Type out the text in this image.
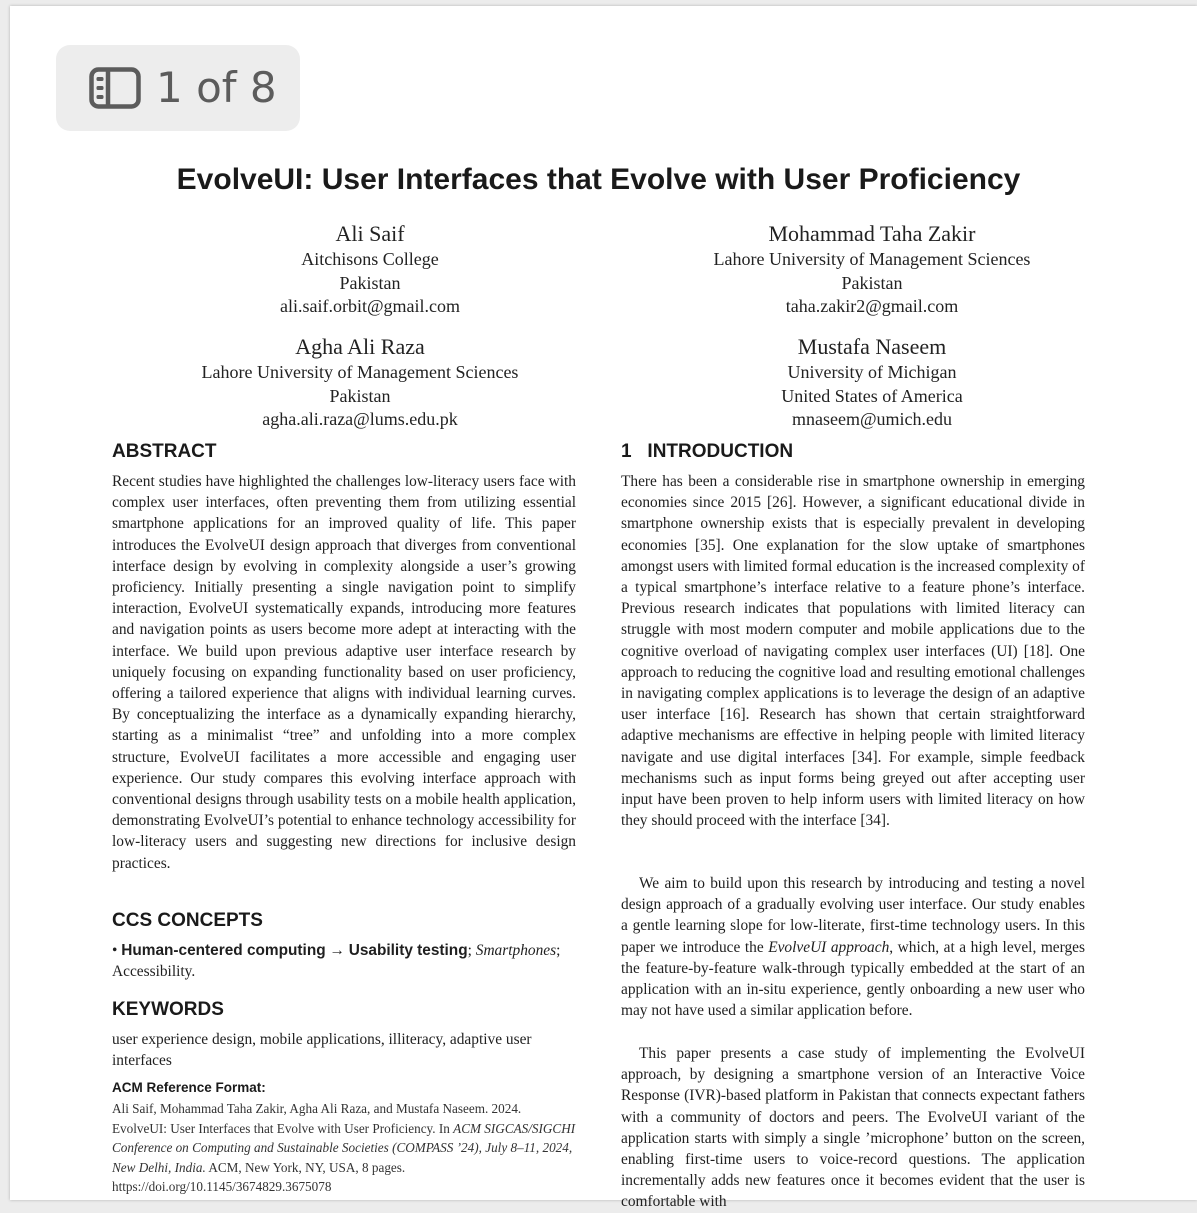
1 of 8
EvolveUI: User Interfaces that Evolve with User Proficiency
Ali Saif
Aitchisons College
Pakistan
ali.saif.orbit@gmail.com
Mohammad Taha Zakir
Lahore University of Management Sciences
Pakistan
taha.zakir2@gmail.com
Agha Ali Raza
Lahore University of Management Sciences
Pakistan
agha.ali.raza@lums.edu.pk
Mustafa Naseem
University of Michigan
United States of America
mnaseem@umich.edu
ABSTRACT

Recent studies have highlighted the challenges low-literacy users face with complex user interfaces, often preventing them from utilizing essential smartphone applications for an improved quality of life. This paper introduces the EvolveUI design approach that diverges from conventional interface design by evolving in complexity alongside a user’s growing proficiency. Initially presenting a single navigation point to simplify interaction, EvolveUI systematically expands, introducing more features and navigation points as users become more adept at interacting with the interface. We build upon previous adaptive user interface research by uniquely focusing on expanding functionality based on user proficiency, offering a tailored experience that aligns with individual learning curves. By conceptualizing the interface as a dynamically expanding hierarchy, starting as a minimalist “tree” and unfolding into a more complex structure, EvolveUI facilitates a more accessible and engaging user experience. Our study compares this evolving interface approach with conventional designs through usability tests on a mobile health application, demonstrating EvolveUI’s potential to enhance technology accessibility for low-literacy users and suggesting new directions for inclusive design practices.

CCS CONCEPTS

• Human-centered computing → Usability testing; Smartphones; Accessibility.

KEYWORDS

user experience design, mobile applications, illiteracy, adaptive user interfaces

ACM Reference Format:

Ali Saif, Mohammad Taha Zakir, Agha Ali Raza, and Mustafa Naseem. 2024. EvolveUI: User Interfaces that Evolve with User Proficiency. In ACM SIGCAS/SIGCHI Conference on Computing and Sustainable Societies (COMPASS ’24), July 8–11, 2024, New Delhi, India. ACM, New York, NY, USA, 8 pages. https://doi.org/10.1145/3674829.3675078

1 INTRODUCTION

There has been a considerable rise in smartphone ownership in emerging economies since 2015 [26]. However, a significant educational divide in smartphone ownership exists that is especially prevalent in developing economies [35]. One explanation for the slow uptake of smartphones amongst users with limited formal education is the increased complexity of a typical smartphone’s interface relative to a feature phone’s interface. Previous research indicates that populations with limited literacy can struggle with most modern computer and mobile applications due to the cognitive overload of navigating complex user interfaces (UI) [18]. One approach to reducing the cognitive load and resulting emotional challenges in navigating complex applications is to leverage the design of an adaptive user interface [16]. Research has shown that certain straightforward adaptive mechanisms are effective in helping people with limited literacy navigate and use digital interfaces [34]. For example, simple feedback mechanisms such as input forms being greyed out after accepting user input have been proven to help inform users with limited literacy on how they should proceed with the interface [34].

We aim to build upon this research by introducing and testing a novel design approach of a gradually evolving user interface. Our study enables a gentle learning slope for low-literate, first-time technology users. In this paper we introduce the EvolveUI approach, which, at a high level, merges the feature-by-feature walk-through typically embedded at the start of an application with an in-situ experience, gently onboarding a new user who may not have used a similar application before.

This paper presents a case study of implementing the EvolveUI approach, by designing a smartphone version of an Interactive Voice Response (IVR)-based platform in Pakistan that connects expectant fathers with a community of doctors and peers. The EvolveUI variant of the application starts with simply a single ’microphone’ button on the screen, enabling first-time users to voice-record questions. The application incrementally adds new features once it becomes evident that the user is comfortable with
